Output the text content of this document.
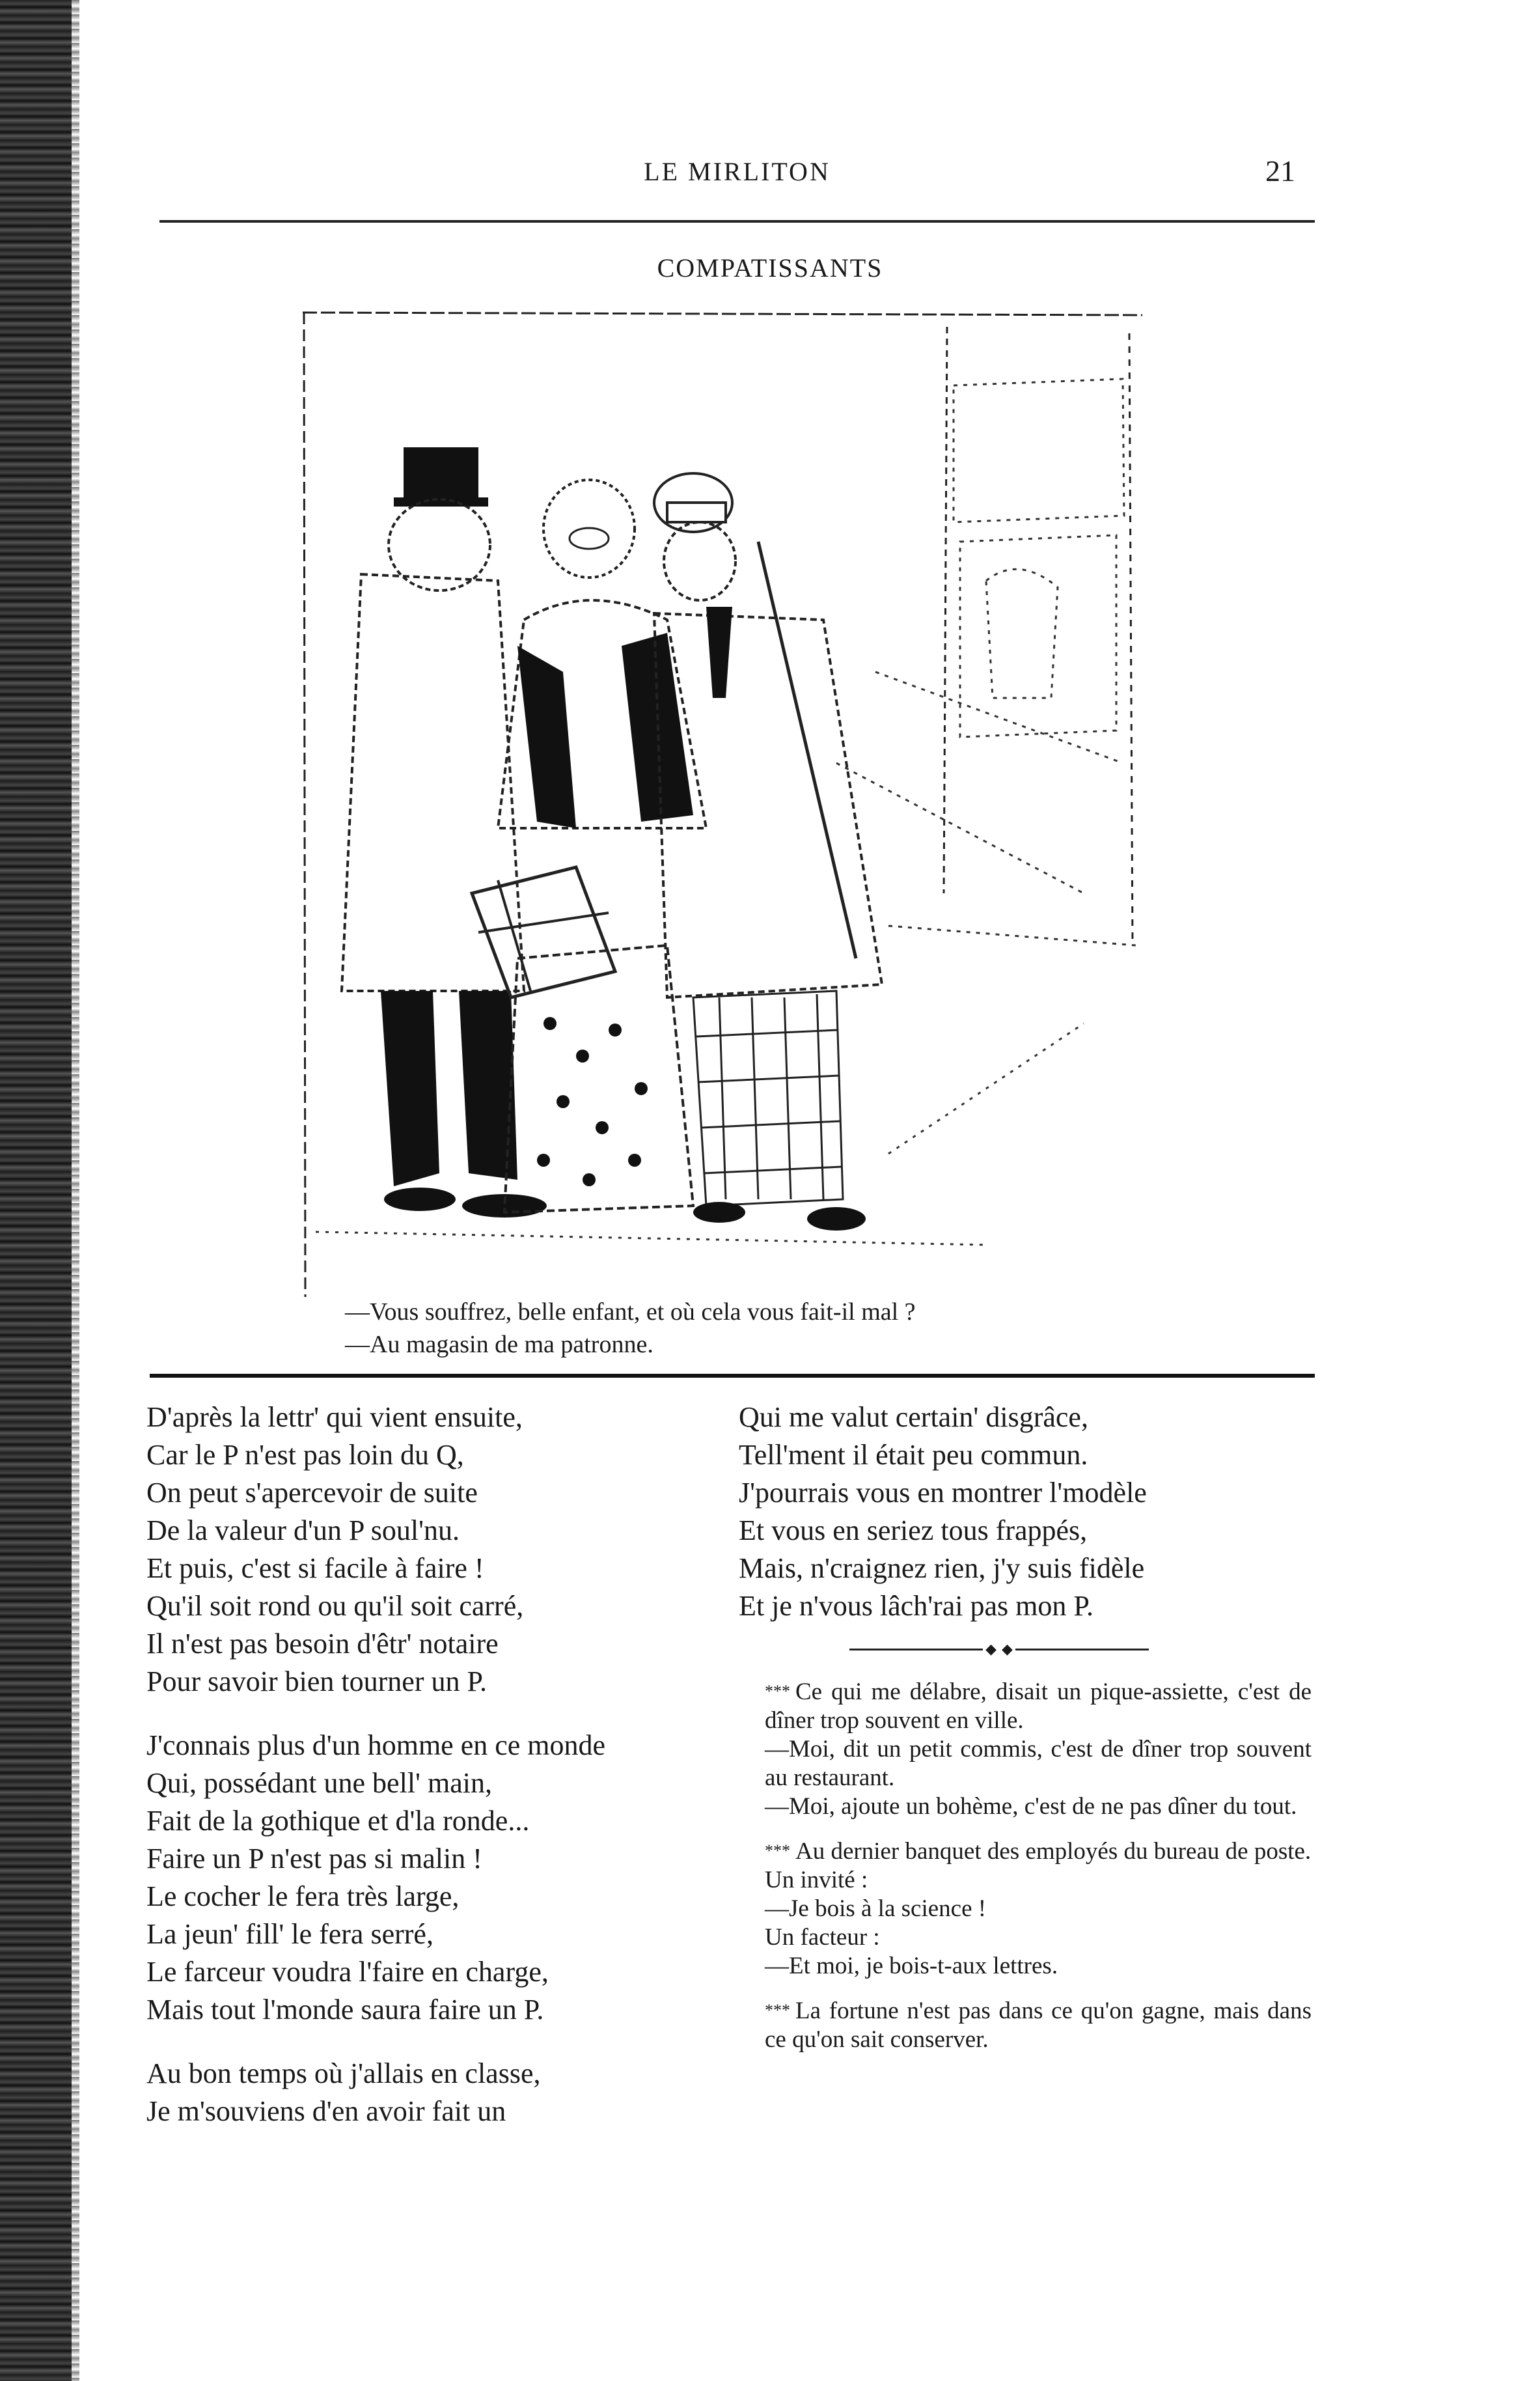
LE MIRLITON	21
COMPATISSANTS
—Vous souffrez, belle enfant, et où cela vous fait-il mal ?
—Au magasin de ma patronne.
D'après la lettr' qui vient ensuite,
Car le P n'est pas loin du Q,
On peut s'apercevoir de suite
De la valeur d'un P soul'nu.
Et puis, c'est si facile à faire !
Qu'il soit rond ou qu'il soit carré,
Il n'est pas besoin d'êtr' notaire
Pour savoir bien tourner un P.
J'connais plus d'un homme en ce monde
Qui, possédant une bell' main,
Fait de la gothique et d'la ronde...
Faire un P n'est pas si malin !
Le cocher le fera très large,
La jeun' fill' le fera serré,
Le farceur voudra l'faire en charge,
Mais tout l'monde saura faire un P.
Au bon temps où j'allais en classe,
Je m'souviens d'en avoir fait un
Qui me valut certain' disgrâce,
Tell'ment il était peu commun.
J'pourrais vous en montrer l'modèle
Et vous en seriez tous frappés,
Mais, n'craignez rien, j'y suis fidèle
Et je n'vous lâch'rai pas mon P.
◆ ◆

*** Ce qui me délabre, disait un pique-assiette, c'est de dîner trop souvent en ville.

—Moi, dit un petit commis, c'est de dîner trop souvent au restaurant.

—Moi, ajoute un bohème, c'est de ne pas dîner du tout.

*** Au dernier banquet des employés du bureau de poste.

Un invité :

—Je bois à la science !

Un facteur :

—Et moi, je bois-t-aux lettres.

*** La fortune n'est pas dans ce qu'on gagne, mais dans ce qu'on sait conserver.
